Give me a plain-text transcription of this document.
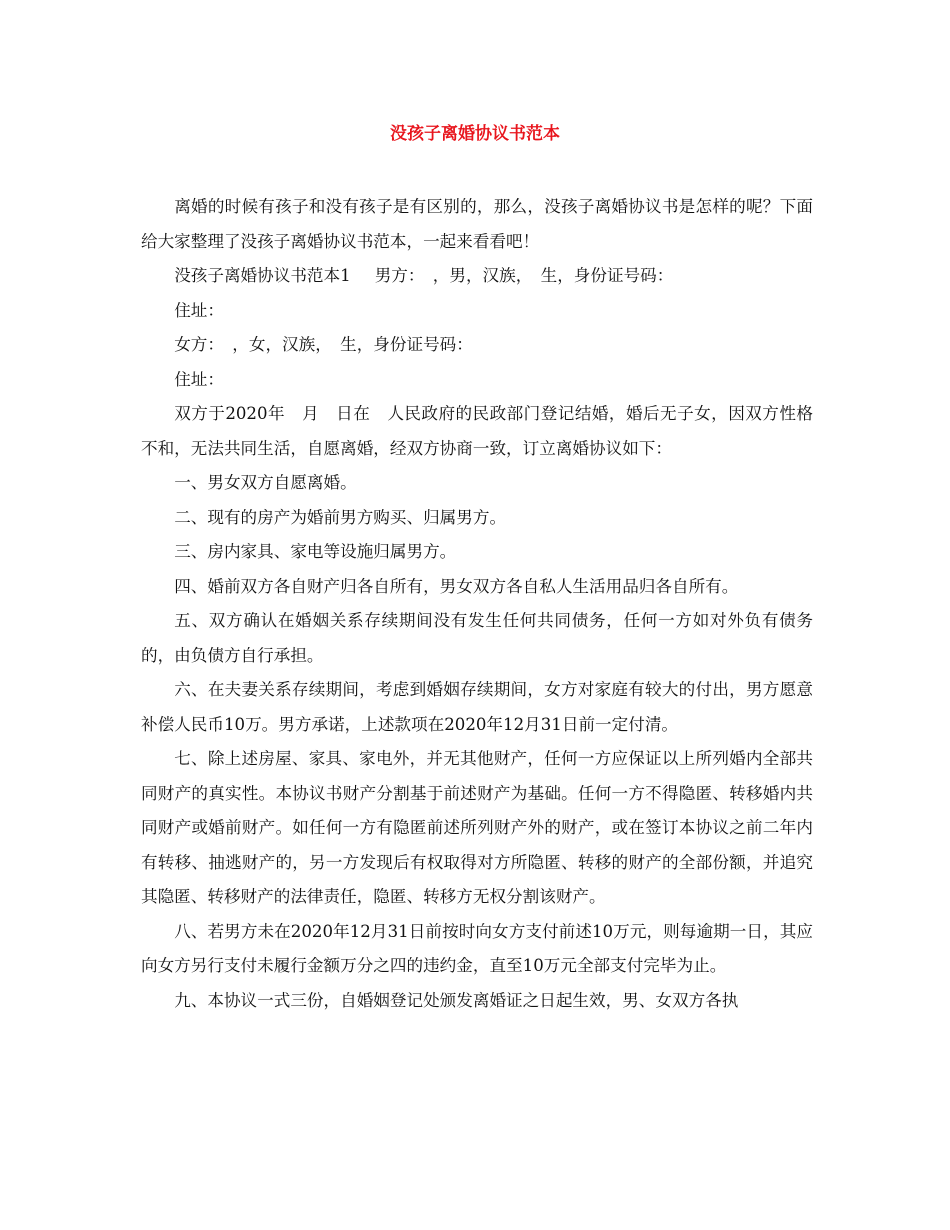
没孩子离婚协议书范本

离婚的时候有孩子和没有孩子是有区别的，那么，没孩子离婚协议书是怎样的呢？下面给大家整理了没孩子离婚协议书范本，一起来看看吧！

没孩子离婚协议书范本1 男方：　，男，汉族，　生，身份证号码：

住址：

女方：　，女，汉族，　生，身份证号码：

住址：

双方于2020年　月　日在　人民政府的民政部门登记结婚，婚后无子女，因双方性格不和，无法共同生活，自愿离婚，经双方协商一致，订立离婚协议如下：

一、男女双方自愿离婚。

二、现有的房产为婚前男方购买、归属男方。

三、房内家具、家电等设施归属男方。

四、婚前双方各自财产归各自所有，男女双方各自私人生活用品归各自所有。

五、双方确认在婚姻关系存续期间没有发生任何共同债务，任何一方如对外负有债务的，由负债方自行承担。

六、在夫妻关系存续期间，考虑到婚姻存续期间，女方对家庭有较大的付出，男方愿意补偿人民币10万。男方承诺，上述款项在2020年12月31日前一定付清。

七、除上述房屋、家具、家电外，并无其他财产，任何一方应保证以上所列婚内全部共同财产的真实性。本协议书财产分割基于前述财产为基础。任何一方不得隐匿、转移婚内共同财产或婚前财产。如任何一方有隐匿前述所列财产外的财产，或在签订本协议之前二年内有转移、抽逃财产的，另一方发现后有权取得对方所隐匿、转移的财产的全部份额，并追究其隐匿、转移财产的法律责任，隐匿、转移方无权分割该财产。

八、若男方未在2020年12月31日前按时向女方支付前述10万元，则每逾期一日，其应向女方另行支付未履行金额万分之四的违约金，直至10万元全部支付完毕为止。

九、本协议一式三份，自婚姻登记处颁发离婚证之日起生效，男、女双方各执
